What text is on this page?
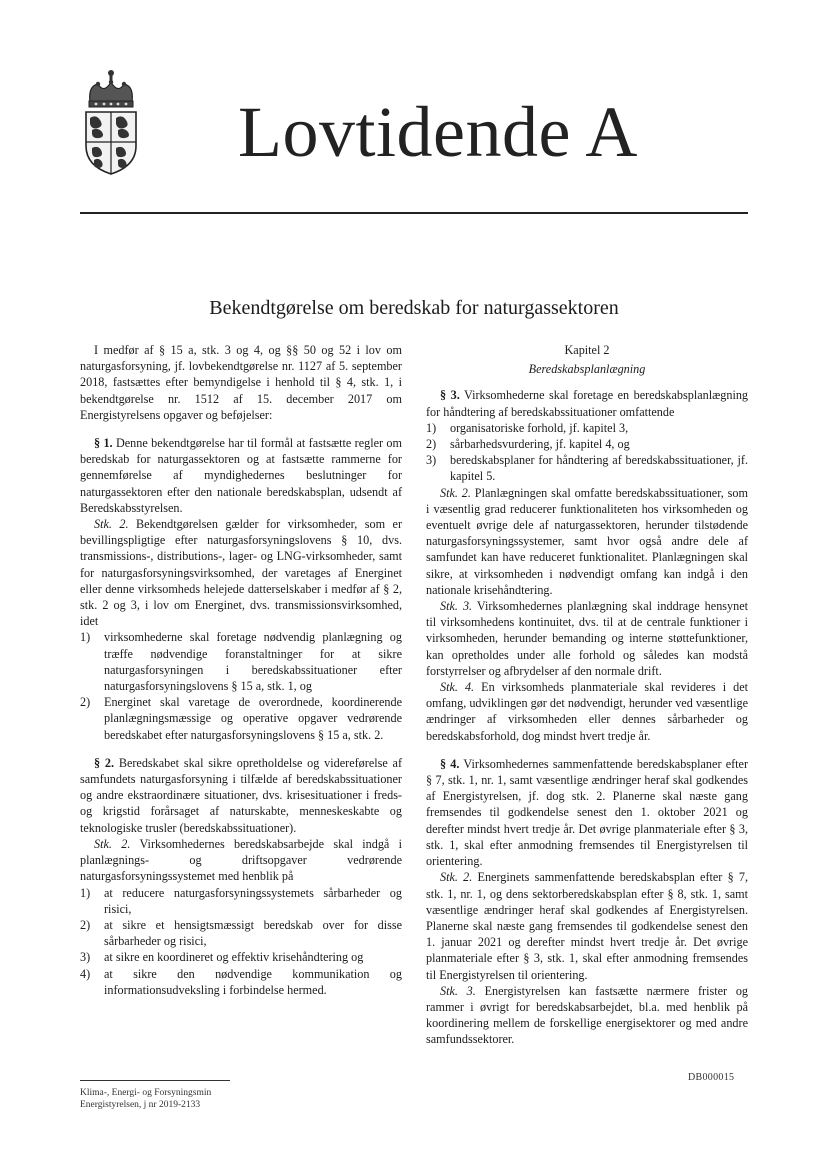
Lovtidende A
Bekendtgørelse om beredskab for naturgassektoren

I medfør af § 15 a, stk. 3 og 4, og §§ 50 og 52 i lov om naturgasforsyning, jf. lovbekendtgørelse nr. 1127 af 5. september 2018, fastsættes efter bemyndigelse i henhold til § 4, stk. 1, i bekendtgørelse nr. 1512 af 15. december 2017 om Energistyrelsens opgaver og beføjelser:

§ 1. Denne bekendtgørelse har til formål at fastsætte regler om beredskab for naturgassektoren og at fastsætte rammerne for gennemførelse af myndighedernes beslutninger for naturgassektoren efter den nationale beredskabsplan, udsendt af Beredskabsstyrelsen.

Stk. 2. Bekendtgørelsen gælder for virksomheder, som er bevillingspligtige efter naturgasforsyningslovens § 10, dvs. transmissions-, distributions-, lager- og LNG-virksomheder, samt for naturgasforsyningsvirksomhed, der varetages af Energinet eller denne virksomheds helejede datterselskaber i medfør af § 2, stk. 2 og 3, i lov om Energinet, dvs. transmissionsvirksomhed, idet

1)	virksomhederne skal foretage nødvendig planlægning og træffe nødvendige foranstaltninger for at sikre naturgasforsyningen i beredskabssituationer efter naturgasforsyningslovens § 15 a, stk. 1, og
2)	Energinet skal varetage de overordnede, koordinerende planlægningsmæssige og operative opgaver vedrørende beredskabet efter naturgasforsyningslovens § 15 a, stk. 2.

§ 2. Beredskabet skal sikre opretholdelse og videreførelse af samfundets naturgasforsyning i tilfælde af beredskabssituationer og andre ekstraordinære situationer, dvs. krisesituationer i freds- og krigstid forårsaget af naturskabte, menneskeskabte og teknologiske trusler (beredskabssituationer).

Stk. 2. Virksomhedernes beredskabsarbejde skal indgå i planlægnings- og driftsopgaver vedrørende naturgasforsyningssystemet med henblik på

1)	at reducere naturgasforsyningssystemets sårbarheder og risici,
2)	at sikre et hensigtsmæssigt beredskab over for disse sårbarheder og risici,
3)	at sikre en koordineret og effektiv krisehåndtering og
4)	at sikre den nødvendige kommunikation og informationsudveksling i forbindelse hermed.

Kapitel 2

Beredskabsplanlægning

§ 3. Virksomhederne skal foretage en beredskabsplanlægning for håndtering af beredskabssituationer omfattende

1)	organisatoriske forhold, jf. kapitel 3,
2)	sårbarhedsvurdering, jf. kapitel 4, og
3)	beredskabsplaner for håndtering af beredskabssituationer, jf. kapitel 5.

Stk. 2. Planlægningen skal omfatte beredskabssituationer, som i væsentlig grad reducerer funktionaliteten hos virksomheden og eventuelt øvrige dele af naturgassektoren, herunder tilstødende naturgasforsyningssystemer, samt hvor også andre dele af samfundet kan have reduceret funktionalitet. Planlægningen skal sikre, at virksomheden i nødvendigt omfang kan indgå i den nationale krisehåndtering.

Stk. 3. Virksomhedernes planlægning skal inddrage hensynet til virksomhedens kontinuitet, dvs. til at de centrale funktioner i virksomheden, herunder bemanding og interne støttefunktioner, kan opretholdes under alle forhold og således kan modstå forstyrrelser og afbrydelser af den normale drift.

Stk. 4. En virksomheds planmateriale skal revideres i det omfang, udviklingen gør det nødvendigt, herunder ved væsentlige ændringer af virksomheden eller dennes sårbarheder og beredskabsforhold, dog mindst hvert tredje år.

§ 4. Virksomhedernes sammenfattende beredskabsplaner efter § 7, stk. 1, nr. 1, samt væsentlige ændringer heraf skal godkendes af Energistyrelsen, jf. dog stk. 2. Planerne skal næste gang fremsendes til godkendelse senest den 1. oktober 2021 og derefter mindst hvert tredje år. Det øvrige planmateriale efter § 3, stk. 1, skal efter anmodning fremsendes til Energistyrelsen til orientering.

Stk. 2. Energinets sammenfattende beredskabsplan efter § 7, stk. 1, nr. 1, og dens sektorberedskabsplan efter § 8, stk. 1, samt væsentlige ændringer heraf skal godkendes af Energistyrelsen. Planerne skal næste gang fremsendes til godkendelse senest den 1. januar 2021 og derefter mindst hvert tredje år. Det øvrige planmateriale efter § 3, stk. 1, skal efter anmodning fremsendes til Energistyrelsen til orientering.

Stk. 3. Energistyrelsen kan fastsætte nærmere frister og rammer i øvrigt for beredskabsarbejdet, bl.a. med henblik på koordinering mellem de forskellige energisektorer og med andre samfundssektorer.

DB000015
Klima-, Energi- og Forsyningsmin
Energistyrelsen, j nr 2019-2133
